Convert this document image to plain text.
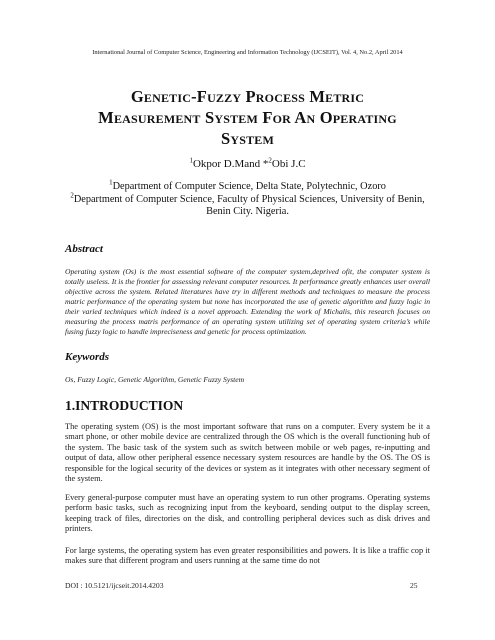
International Journal of Computer Science, Engineering and Information Technology (IJCSEIT), Vol. 4, No.2, April 2014
Genetic-Fuzzy Process Metric
Measurement System For An Operating
System
$^1$Okpor D.Mand *$^2$Obi J.C
$^1$Department of Computer Science, Delta State, Polytechnic, Ozoro
$^2$Department of Computer Science, Faculty of Physical Sciences, University of Benin,
Benin City. Nigeria.
Abstract
Operating system (Os) is the most essential software of the computer system,deprived ofit, the computer system is totally useless. It is the frontier for assessing relevant computer resources. It performance greatly enhances user overall objective across the system. Related literatures have try in different methods and techniques to measure the process matric performance of the operating system but none has incorporated the use of genetic algorithm and fuzzy logic in their varied techniques which indeed is a novel approach. Extending the work of Michalis, this research focuses on measuring the process matris performance of an operating system utilizing set of operating system criteria’s while fusing fuzzy logic to handle impreciseness and genetic for process optimization.
Keywords
Os, Fuzzy Logic, Genetic Algorithm, Genetic Fuzzy System
1.INTRODUCTION
The operating system (OS) is the most important software that runs on a computer. Every system be it a smart phone, or other mobile device are centralized through the OS which is the overall functioning hub of the system. The basic task of the system such as switch between mobile or web pages, re-inputting and output of data, allow other peripheral essence necessary system resources are handle by the OS. The OS is responsible for the logical security of the devices or system as it integrates with other necessary segment of the system.
Every general-purpose computer must have an operating system to run other programs. Operating systems perform basic tasks, such as recognizing input from the keyboard, sending output to the display screen, keeping track of files, directories on the disk, and controlling peripheral devices such as disk drives and printers.
For large systems, the operating system has even greater responsibilities and powers. It is like a traffic cop it makes sure that different program and users running at the same time do not
DOI : 10.5121/ijcseit.2014.4203	25
